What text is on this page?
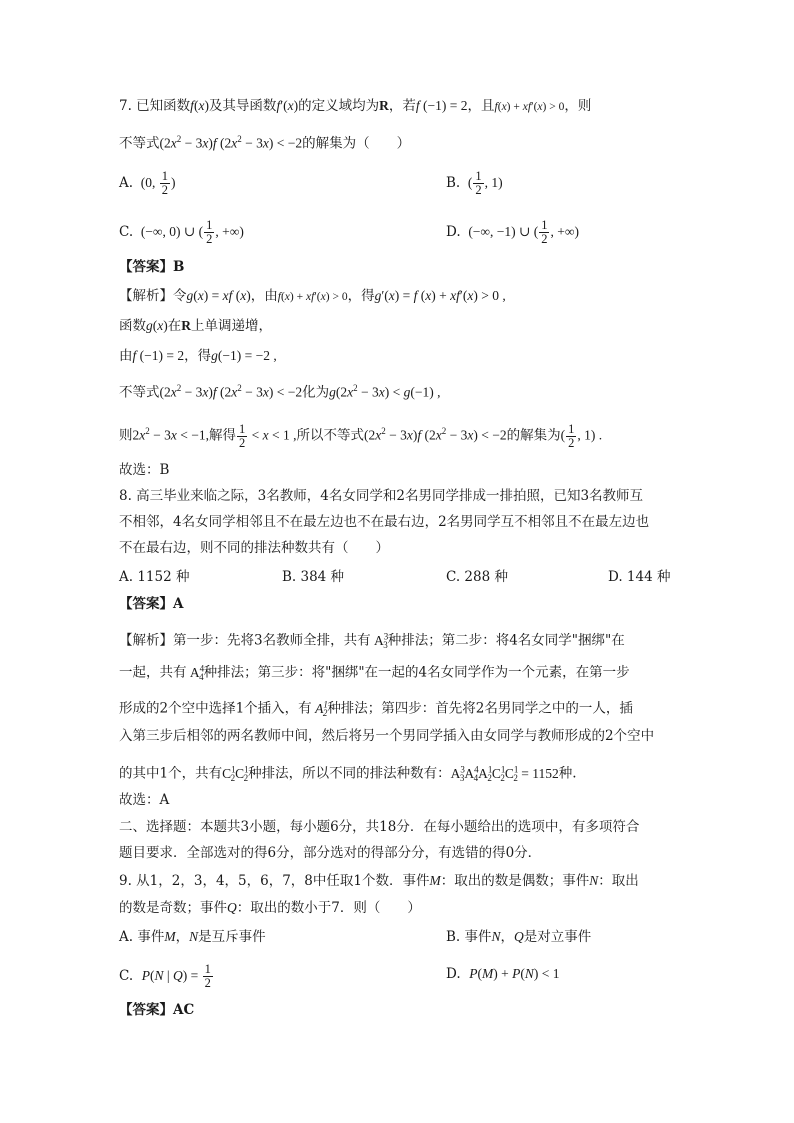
7. 已知函数f(x)及其导函数f′(x)的定义域均为R，若f (−1) = 2，且f(x) + xf′(x) > 0，则
不等式$(2x^2 - 3x)f$ $(2x^2 - 3x) < -2$的解集为（　　）
A.  (0, $\frac{1}{2}$ )	B.  ( $\frac{1}{2}$ , 1)
C.  (−∞, 0) ∪ ( $\frac{1}{2}$ , +∞)	D.  (−∞, −1) ∪ ( $\frac{1}{2}$ , +∞)
【答案】B
【解析】令g(x) = xf (x)，由f(x) + xf′(x) > 0，得g′(x) = f (x) + xf′(x) > 0 ,
函数g(x)在R上单调递增，
由f (−1) = 2，得g(−1) = −2 ,
不等式$(2x^2 - 3x)f$ $(2x^2 - 3x) < -2$化为$g(2x^2 - 3x) < g(-1)$ ,
则$2x^2 - 3x < -1$,解得 $\frac{1}{2} < x < 1$ ,所以不等式$(2x^2 - 3x)f$ $(2x^2 - 3x) < -2$的解集为( $\frac{1}{2}$ , 1) .
故选：B
8. 高三毕业来临之际，3名教师，4名女同学和2名男同学排成一排拍照，已知3名教师互
不相邻，4名女同学相邻且不在最左边也不在最右边，2名男同学互不相邻且不在最左边也
不在最右边，则不同的排法种数共有（　　）
A. 1152 种	B. 384 种	C. 288 种	D. 144 种
【答案】A
【解析】第一步：先将3名教师全排，共有 $A^3_3$种排法；第二步：将4名女同学"捆绑"在
一起，共有 $A^4_4$种排法；第三步：将"捆绑"在一起的4名女同学作为一个元素，在第一步
形成的2个空中选择1个插入，有 $A^1_2$种排法；第四步：首先将2名男同学之中的一人，插
入第三步后相邻的两名教师中间，然后将另一个男同学插入由女同学与教师形成的2个空中
的其中1个，共有$C^1_2C^1_2$种排法，所以不同的排法种数有：$A^3_3A^4_4A^1_2C^1_2C^1_2 = 1152$种.
故选：A
二、选择题：本题共3小题，每小题6分，共18分．在每小题给出的选项中，有多项符合
题目要求．全部选对的得6分，部分选对的得部分分，有选错的得0分．
9. 从1，2，3，4，5，6，7，8中任取1个数．事件M：取出的数是偶数；事件N：取出
的数是奇数；事件Q：取出的数小于7．则（　　）
A. 事件M，N是互斥事件	B. 事件N，Q是对立事件
C. P(N | $Q) = \frac{1}{2}$	D. P(M) + P(N) < 1
【答案】AC
